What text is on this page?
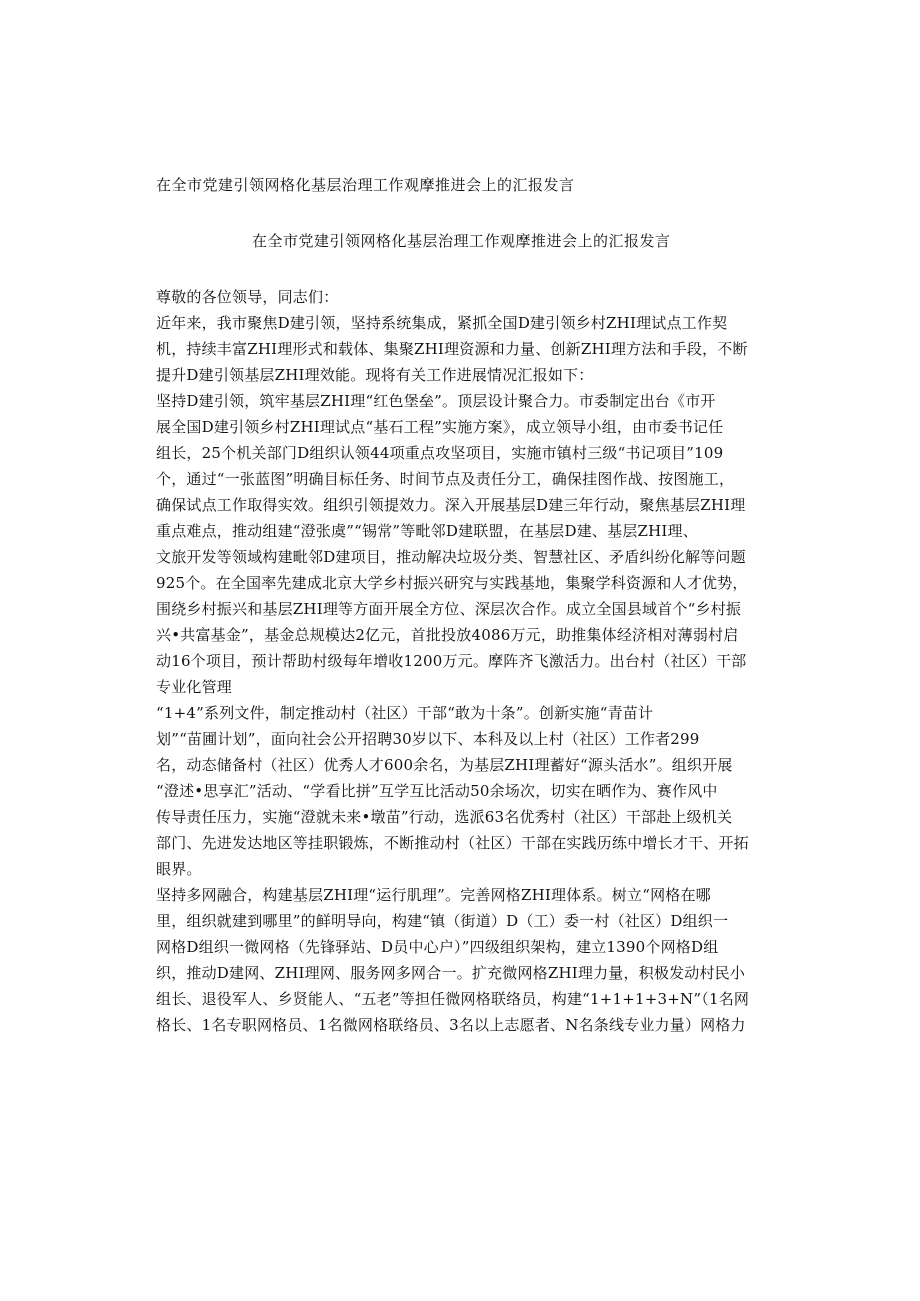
在全市党建引领网格化基层治理工作观摩推进会上的汇报发言
在全市党建引领网格化基层治理工作观摩推进会上的汇报发言
尊敬的各位领导，同志们：
近年来，我市聚焦D建引领，坚持系统集成，紧抓全国D建引领乡村ZHI理试点工作契
机，持续丰富ZHI理形式和载体、集聚ZHI理资源和力量、创新ZHI理方法和手段，不断
提升D建引领基层ZHI理效能。现将有关工作进展情况汇报如下：
坚持D建引领，筑牢基层ZHI理“红色堡垒”。顶层设计聚合力。市委制定出台《市开
展全国D建引领乡村ZHI理试点“基石工程”实施方案》，成立领导小组，由市委书记任
组长，25个机关部门D组织认领44项重点攻坚项目，实施市镇村三级“书记项目”109
个，通过“一张蓝图”明确目标任务、时间节点及责任分工，确保挂图作战、按图施工，
确保试点工作取得实效。组织引领提效力。深入开展基层D建三年行动，聚焦基层ZHI理
重点难点，推动组建“澄张虞”“锡常”等毗邻D建联盟，在基层D建、基层ZHI理、
文旅开发等领域构建毗邻D建项目，推动解决垃圾分类、智慧社区、矛盾纠纷化解等问题
925个。在全国率先建成北京大学乡村振兴研究与实践基地，集聚学科资源和人才优势，
围绕乡村振兴和基层ZHI理等方面开展全方位、深层次合作。成立全国县域首个“乡村振
兴•共富基金”，基金总规模达2亿元，首批投放4086万元，助推集体经济相对薄弱村启
动16个项目，预计帮助村级每年增收1200万元。摩阵齐飞激活力。出台村（社区）干部
专业化管理
“1+4”系列文件，制定推动村（社区）干部“敢为十条”。创新实施“青苗计
划”“苗圃计划”，面向社会公开招聘30岁以下、本科及以上村（社区）工作者299
名，动态储备村（社区）优秀人才600余名，为基层ZHI理蓄好“源头活水”。组织开展
“澄述•思享汇”活动、“学看比拼”互学互比活动50余场次，切实在晒作为、赛作风中
传导责任压力，实施“澄就未来•墩苗”行动，选派63名优秀村（社区）干部赴上级机关
部门、先进发达地区等挂职锻炼，不断推动村（社区）干部在实践历练中增长才干、开拓
眼界。
坚持多网融合，构建基层ZHI理“运行肌理”。完善网格ZHI理体系。树立“网格在哪
里，组织就建到哪里”的鲜明导向，构建“镇（街道）D（工）委一村（社区）D组织一
网格D组织一微网格（先锋驿站、D员中心户）”四级组织架构，建立1390个网格D组
织，推动D建网、ZHI理网、服务网多网合一。扩充微网格ZHI理力量，积极发动村民小
组长、退役军人、乡贤能人、“五老”等担任微网格联络员，构建“1+1+1+3+N”（1名网
格长、1名专职网格员、1名微网格联络员、3名以上志愿者、N名条线专业力量）网格力
